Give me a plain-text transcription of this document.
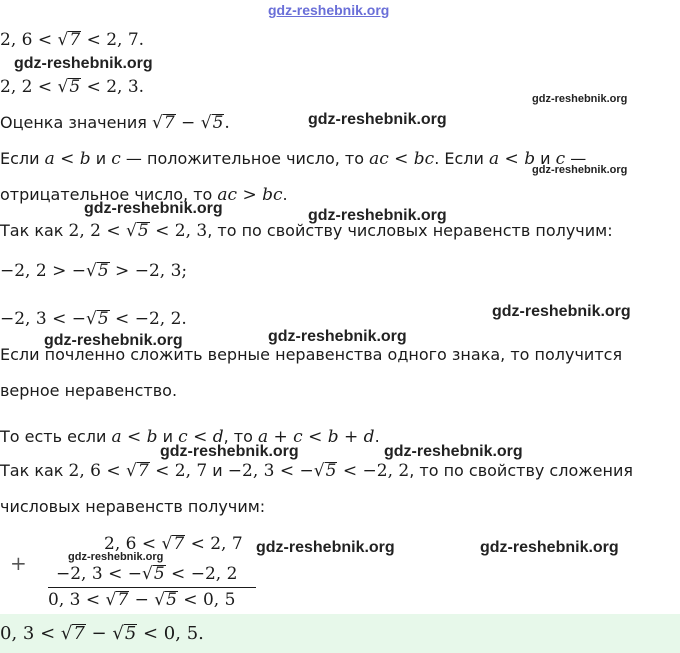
gdz-reshebnik.org
2, 6 < √7 < 2, 7.
gdz-reshebnik.org
2, 2 < √5 < 2, 3.
gdz-reshebnik.org
Оценка значения √7 − √5.	gdz-reshebnik.org
Если a < b и c — положительное число, то ac < bc. Если a < b и c —
gdz-reshebnik.org
отрицательное число, то ac > bc.
gdz-reshebnik.org	gdz-reshebnik.org
Так как 2, 2 < √5 < 2, 3, то по свойству числовых неравенств получим:
−2, 2 > −√5 > −2, 3;
−2, 3 < −√5 < −2, 2.	gdz-reshebnik.org
gdz-reshebnik.org	gdz-reshebnik.org
Если почленно сложить верные неравенства одного знака, то получится
верное неравенство.
То есть если a < b и c < d, то a + c < b + d.
gdz-reshebnik.org	gdz-reshebnik.org
Так как 2, 6 < √7 < 2, 7 и −2, 3 < −√5 < −2, 2, то по свойству сложения
числовых неравенств получим:
+
2, 6 < √7 < 2, 7 gdz-reshebnik.org	gdz-reshebnik.org
gdz-reshebnik.org
−2, 3 < −√5 < −2, 2
0, 3 < √7 − √5 < 0, 5
0, 3 < √7 − √5 < 0, 5.
